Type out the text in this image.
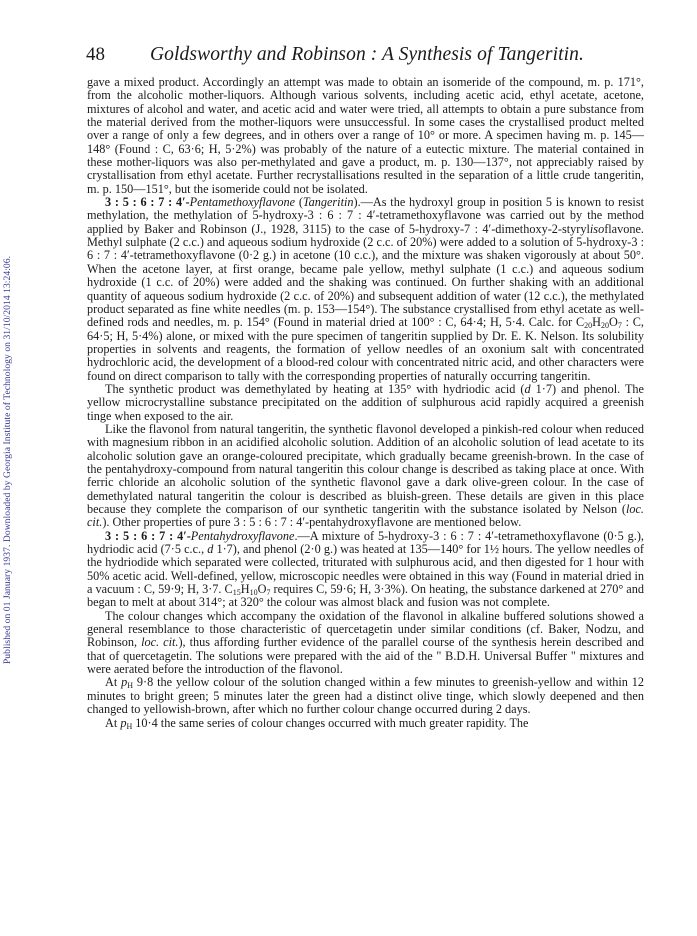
Published on 01 January 1937. Downloaded by Georgia Institute of Technology on 31/10/2014 13:24:06.
48 Goldsworthy and Robinson : A Synthesis of Tangeritin.

gave a mixed product. Accordingly an attempt was made to obtain an isomeride of the compound, m. p. 171°, from the alcoholic mother-liquors. Although various solvents, including acetic acid, ethyl acetate, acetone, mixtures of alcohol and water, and acetic acid and water were tried, all attempts to obtain a pure substance from the material derived from the mother-liquors were unsuccessful. In some cases the crystallised product melted over a range of only a few degrees, and in others over a range of 10° or more. A specimen having m. p. 145—148° (Found : C, 63·6; H, 5·2%) was probably of the nature of a eutectic mixture. The material contained in these mother-liquors was also per-methylated and gave a product, m. p. 130—137°, not appreciably raised by crystallisation from ethyl acetate. Further recrystallisations resulted in the separation of a little crude tangeritin, m. p. 150—151°, but the isomeride could not be isolated.

3 : 5 : 6 : 7 : 4′-Pentamethoxyflavone (Tangeritin).—As the hydroxyl group in position 5 is known to resist methylation, the methylation of 5-hydroxy-3 : 6 : 7 : 4′-tetramethoxyflavone was carried out by the method applied by Baker and Robinson (J., 1928, 3115) to the case of 5-hydroxy-7 : 4′-dimethoxy-2-styrylisoflavone. Methyl sulphate (2 c.c.) and aqueous sodium hydroxide (2 c.c. of 20%) were added to a solution of 5-hydroxy-3 : 6 : 7 : 4′-tetramethoxyflavone (0·2 g.) in acetone (10 c.c.), and the mixture was shaken vigorously at about 50°. When the acetone layer, at first orange, became pale yellow, methyl sulphate (1 c.c.) and aqueous sodium hydroxide (1 c.c. of 20%) were added and the shaking was continued. On further shaking with an additional quantity of aqueous sodium hydroxide (2 c.c. of 20%) and subsequent addition of water (12 c.c.), the methylated product separated as fine white needles (m. p. 153—154°). The substance crystallised from ethyl acetate as well-defined rods and needles, m. p. 154° (Found in material dried at 100° : C, 64·4; H, 5·4. Calc. for $C_{20}H_{20}O_7$ : C, 64·5; H, 5·4%) alone, or mixed with the pure specimen of tangeritin supplied by Dr. E. K. Nelson. Its solubility properties in solvents and reagents, the formation of yellow needles of an oxonium salt with concentrated hydrochloric acid, the development of a blood-red colour with concentrated nitric acid, and other characters were found on direct comparison to tally with the corresponding properties of naturally occurring tangeritin.

The synthetic product was demethylated by heating at 135° with hydriodic acid (d 1·7) and phenol. The yellow microcrystalline substance precipitated on the addition of sulphurous acid rapidly acquired a greenish tinge when exposed to the air.

Like the flavonol from natural tangeritin, the synthetic flavonol developed a pinkish-red colour when reduced with magnesium ribbon in an acidified alcoholic solution. Addition of an alcoholic solution of lead acetate to its alcoholic solution gave an orange-coloured precipitate, which gradually became greenish-brown. In the case of the pentahydroxy-compound from natural tangeritin this colour change is described as taking place at once. With ferric chloride an alcoholic solution of the synthetic flavonol gave a dark olive-green colour. In the case of demethylated natural tangeritin the colour is described as bluish-green. These details are given in this place because they complete the comparison of our synthetic tangeritin with the substance isolated by Nelson (loc. cit.). Other properties of pure 3 : 5 : 6 : 7 : 4′-pentahydroxyflavone are mentioned below.

3 : 5 : 6 : 7 : 4′-Pentahydroxyflavone.—A mixture of 5-hydroxy-3 : 6 : 7 : 4′-tetramethoxyflavone (0·5 g.), hydriodic acid (7·5 c.c., d 1·7), and phenol (2·0 g.) was heated at 135—140° for 1½ hours. The yellow needles of the hydriodide which separated were collected, triturated with sulphurous acid, and then digested for 1 hour with 50% acetic acid. Well-defined, yellow, microscopic needles were obtained in this way (Found in material dried in a vacuum : C, 59·9; H, 3·7. $C_{15}H_{10}O_7$ requires C, 59·6; H, 3·3%). On heating, the substance darkened at 270° and began to melt at about 314°; at 320° the colour was almost black and fusion was not complete.

The colour changes which accompany the oxidation of the flavonol in alkaline buffered solutions showed a general resemblance to those characteristic of quercetagetin under similar conditions (cf. Baker, Nodzu, and Robinson, loc. cit.), thus affording further evidence of the parallel course of the synthesis herein described and that of quercetagetin. The solutions were prepared with the aid of the " B.D.H. Universal Buffer " mixtures and were aerated before the introduction of the flavonol.

At $p_H$ 9·8 the yellow colour of the solution changed within a few minutes to greenish-yellow and within 12 minutes to bright green; 5 minutes later the green had a distinct olive tinge, which slowly deepened and then changed to yellowish-brown, after which no further colour change occurred during 2 days.

At $p_H$ 10·4 the same series of colour changes occurred with much greater rapidity. The
